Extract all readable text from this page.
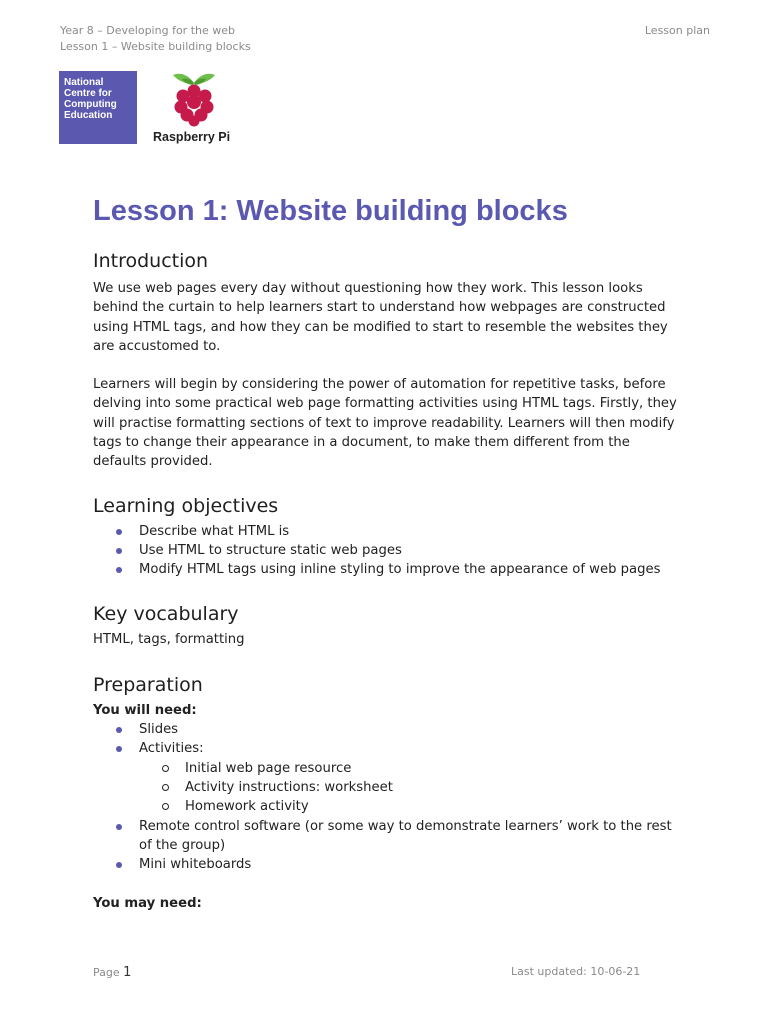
Year 8 – Developing for the web
Lesson 1 – Website building blocks
Lesson plan
National
Centre for
Computing
Education
Raspberry Pi
Lesson 1: Website building blocks
Introduction

We use web pages every day without questioning how they work. This lesson looks behind the curtain to help learners start to understand how webpages are constructed using HTML tags, and how they can be modified to start to resemble the websites they are accustomed to.

Learners will begin by considering the power of automation for repetitive tasks, before delving into some practical web page formatting activities using HTML tags. Firstly, they will practise formatting sections of text to improve readability. Learners will then modify tags to change their appearance in a document, to make them different from the defaults provided.

Learning objectives
Describe what HTML is
Use HTML to structure static web pages
Modify HTML tags using inline styling to improve the appearance of web pages
Key vocabulary

HTML, tags, formatting

Preparation

You will need:

Slides
Activities:
Initial web page resource
Activity instructions: worksheet
Homework activity
Remote control software (or some way to demonstrate learners’ work to the rest of the group)
Mini whiteboards

You may need:

Page 1	Last updated: 10-06-21
